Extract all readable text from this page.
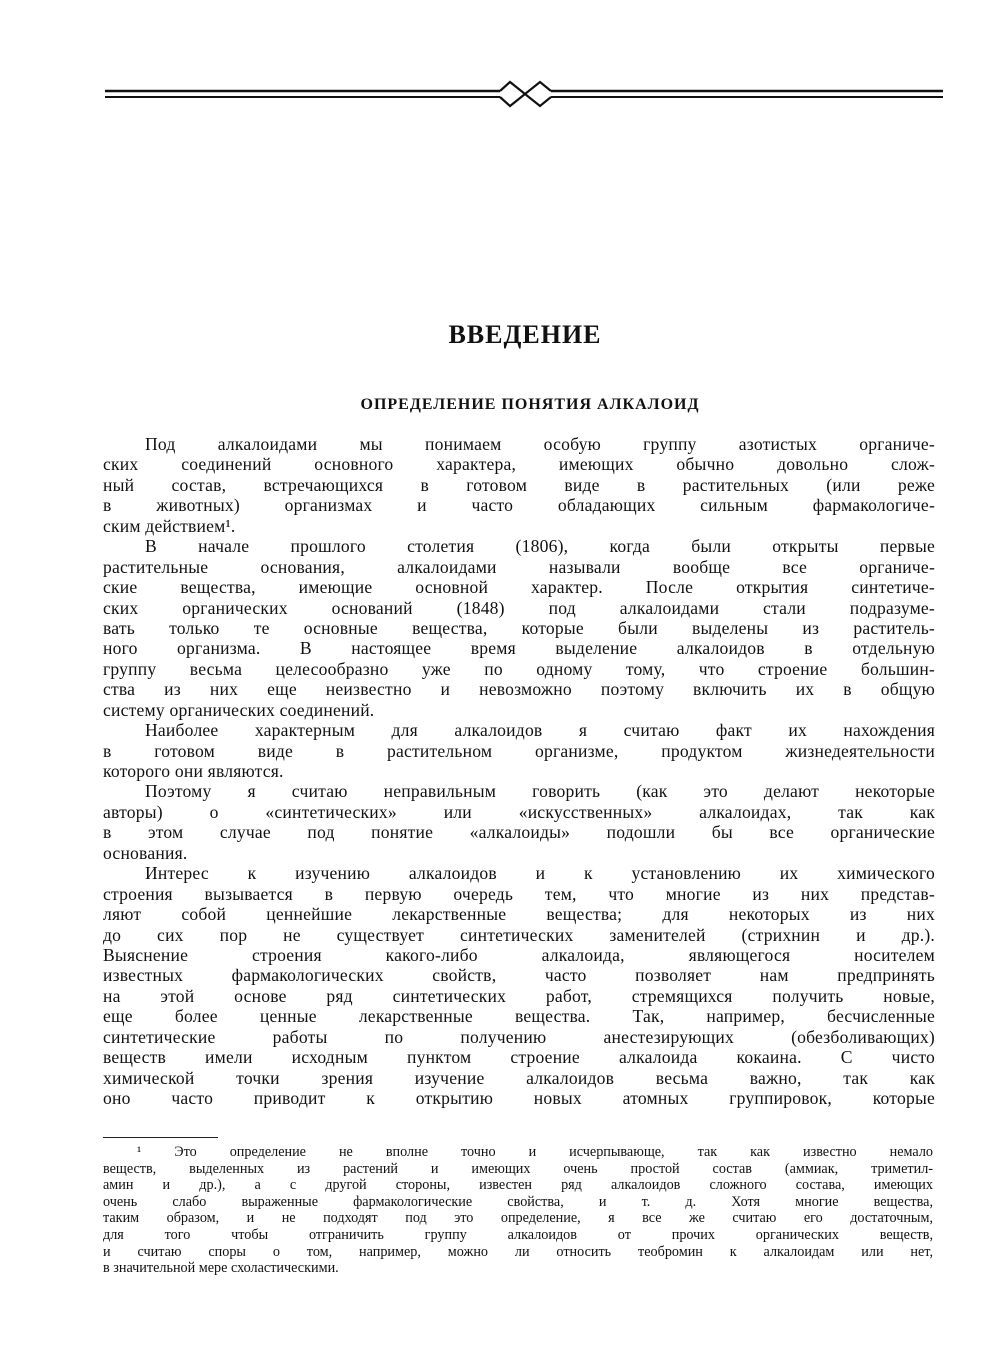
ВВЕДЕНИЕ
ОПРЕДЕЛЕНИЕ ПОНЯТИЯ АЛКАЛОИД
Под алкалоидами мы понимаем особую группу азотистых органиче-
ских соединений основного характера, имеющих обычно довольно слож-
ный состав, встречающихся в готовом виде в растительных (или реже
в животных) организмах и часто обладающих сильным фармакологиче-
ским действием¹.
В начале прошлого столетия (1806), когда были открыты первые
растительные основания, алкалоидами называли вообще все органиче-
ские вещества, имеющие основной характер. После открытия синтетиче-
ских органических оснований (1848) под алкалоидами стали подразуме-
вать только те основные вещества, которые были выделены из раститель-
ного организма. В настоящее время выделение алкалоидов в отдельную
группу весьма целесообразно уже по одному тому, что строение большин-
ства из них еще неизвестно и невозможно поэтому включить их в общую
систему органических соединений.
Наиболее характерным для алкалоидов я считаю факт их нахождения
в готовом виде в растительном организме, продуктом жизнедеятельности
которого они являются.
Поэтому я считаю неправильным говорить (как это делают некоторые
авторы) о «синтетических» или «искусственных» алкалоидах, так как
в этом случае под понятие «алкалоиды» подошли бы все органические
основания.
Интерес к изучению алкалоидов и к установлению их химического
строения вызывается в первую очередь тем, что многие из них представ-
ляют собой ценнейшие лекарственные вещества; для некоторых из них
до сих пор не существует синтетических заменителей (стрихнин и др.).
Выяснение строения какого-либо алкалоида, являющегося носителем
известных фармакологических свойств, часто позволяет нам предпринять
на этой основе ряд синтетических работ, стремящихся получить новые,
еще более ценные лекарственные вещества. Так, например, бесчисленные
синтетические работы по получению анестезирующих (обезболивающих)
веществ имели исходным пунктом строение алкалоида кокаина. С чисто
химической точки зрения изучение алкалоидов весьма важно, так как
оно часто приводит к открытию новых атомных группировок, которые
¹ Это определение не вполне точно и исчерпывающе, так как известно немало
веществ, выделенных из растений и имеющих очень простой состав (аммиак, триметил-
амин и др.), а с другой стороны, известен ряд алкалоидов сложного состава, имеющих
очень слабо выраженные фармакологические свойства, и т. д. Хотя многие вещества,
таким образом, и не подходят под это определение, я все же считаю его достаточным,
для того чтобы отграничить группу алкалоидов от прочих органических веществ,
и считаю споры о том, например, можно ли относить теобромин к алкалоидам или нет,
в значительной мере схоластическими.
